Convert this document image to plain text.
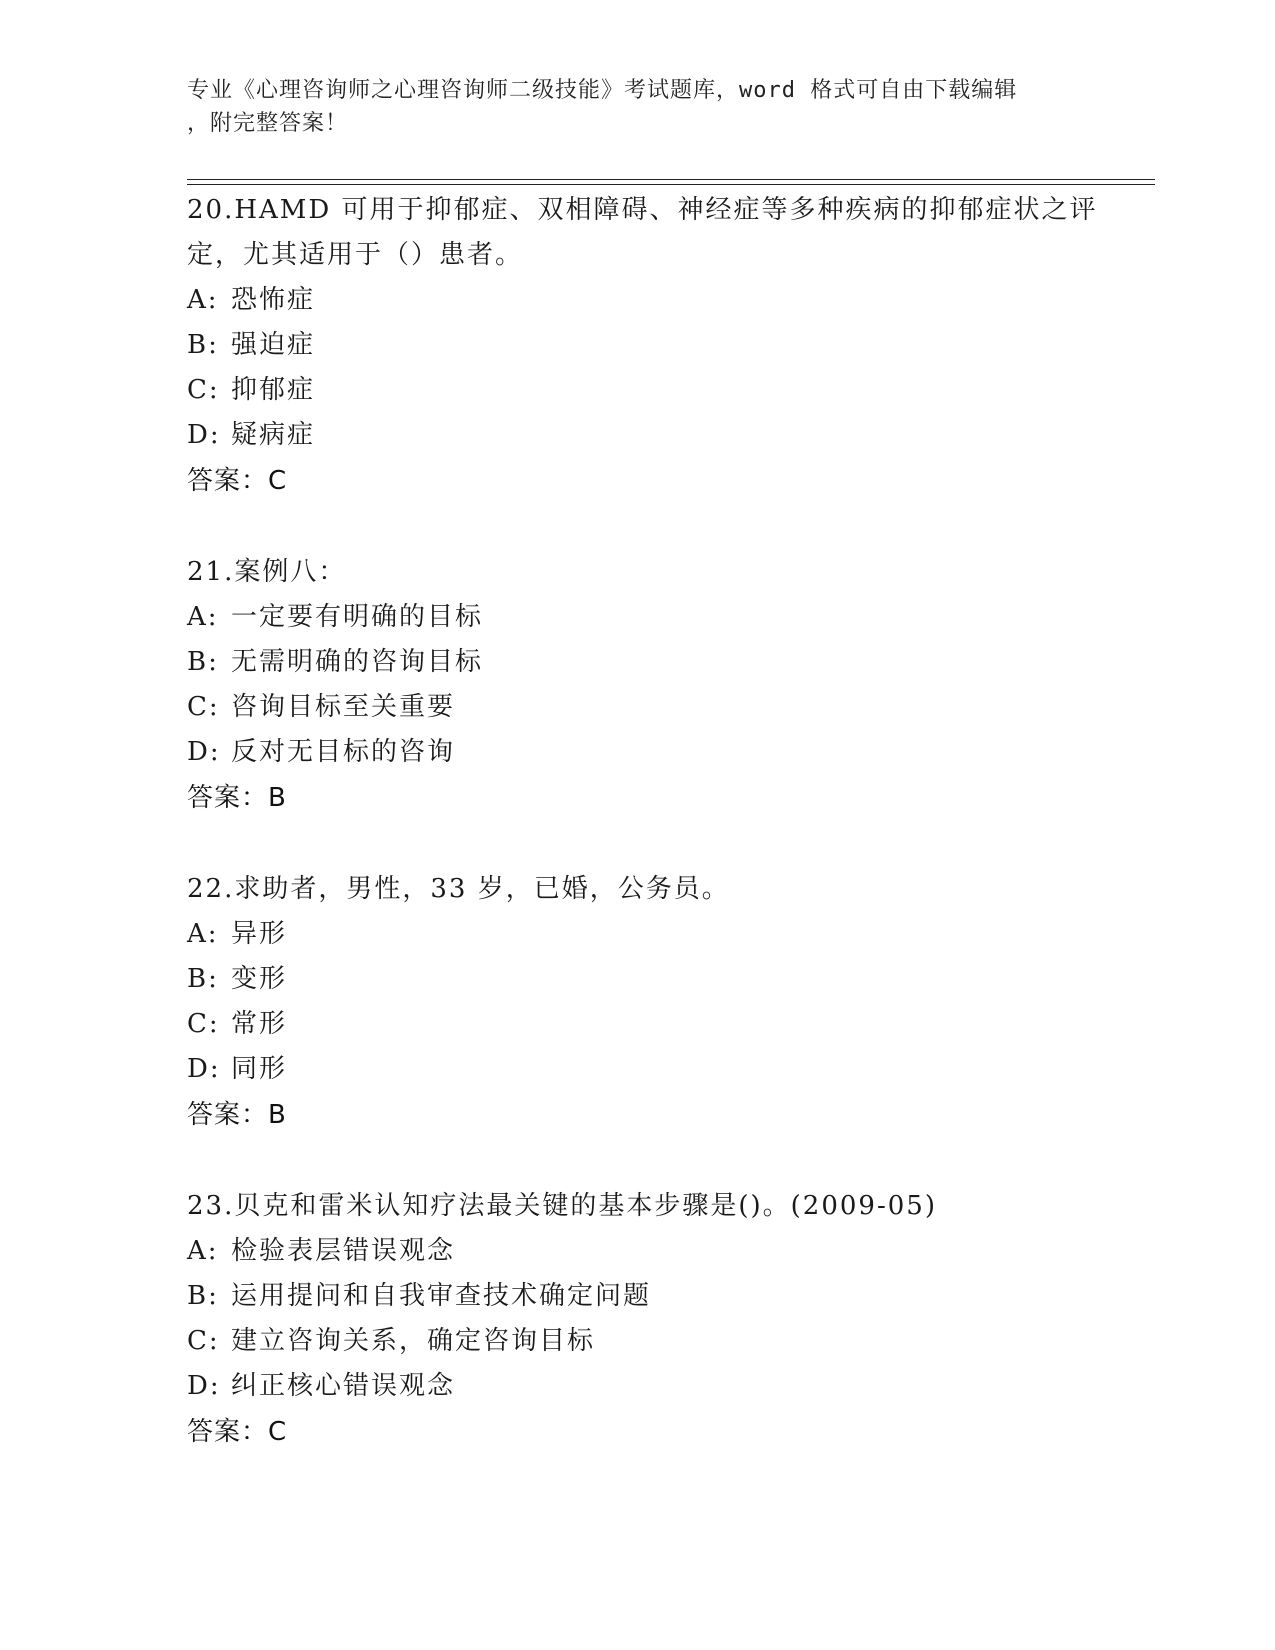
专业《心理咨询师之心理咨询师二级技能》考试题库，word 格式可自由下载编辑
，附完整答案！
20.HAMD 可用于抑郁症、双相障碍、神经症等多种疾病的抑郁症状之评
定，尤其适用于（）患者。
A: 恐怖症
B: 强迫症
C: 抑郁症
D: 疑病症
答案：C
21.案例八：
A: 一定要有明确的目标
B: 无需明确的咨询目标
C: 咨询目标至关重要
D: 反对无目标的咨询
答案：B
22.求助者，男性，33 岁，已婚，公务员。
A: 异形
B: 变形
C: 常形
D: 同形
答案：B
23.贝克和雷米认知疗法最关键的基本步骤是()。(2009-05)
A: 检验表层错误观念
B: 运用提问和自我审查技术确定问题
C: 建立咨询关系，确定咨询目标
D: 纠正核心错误观念
答案：C
